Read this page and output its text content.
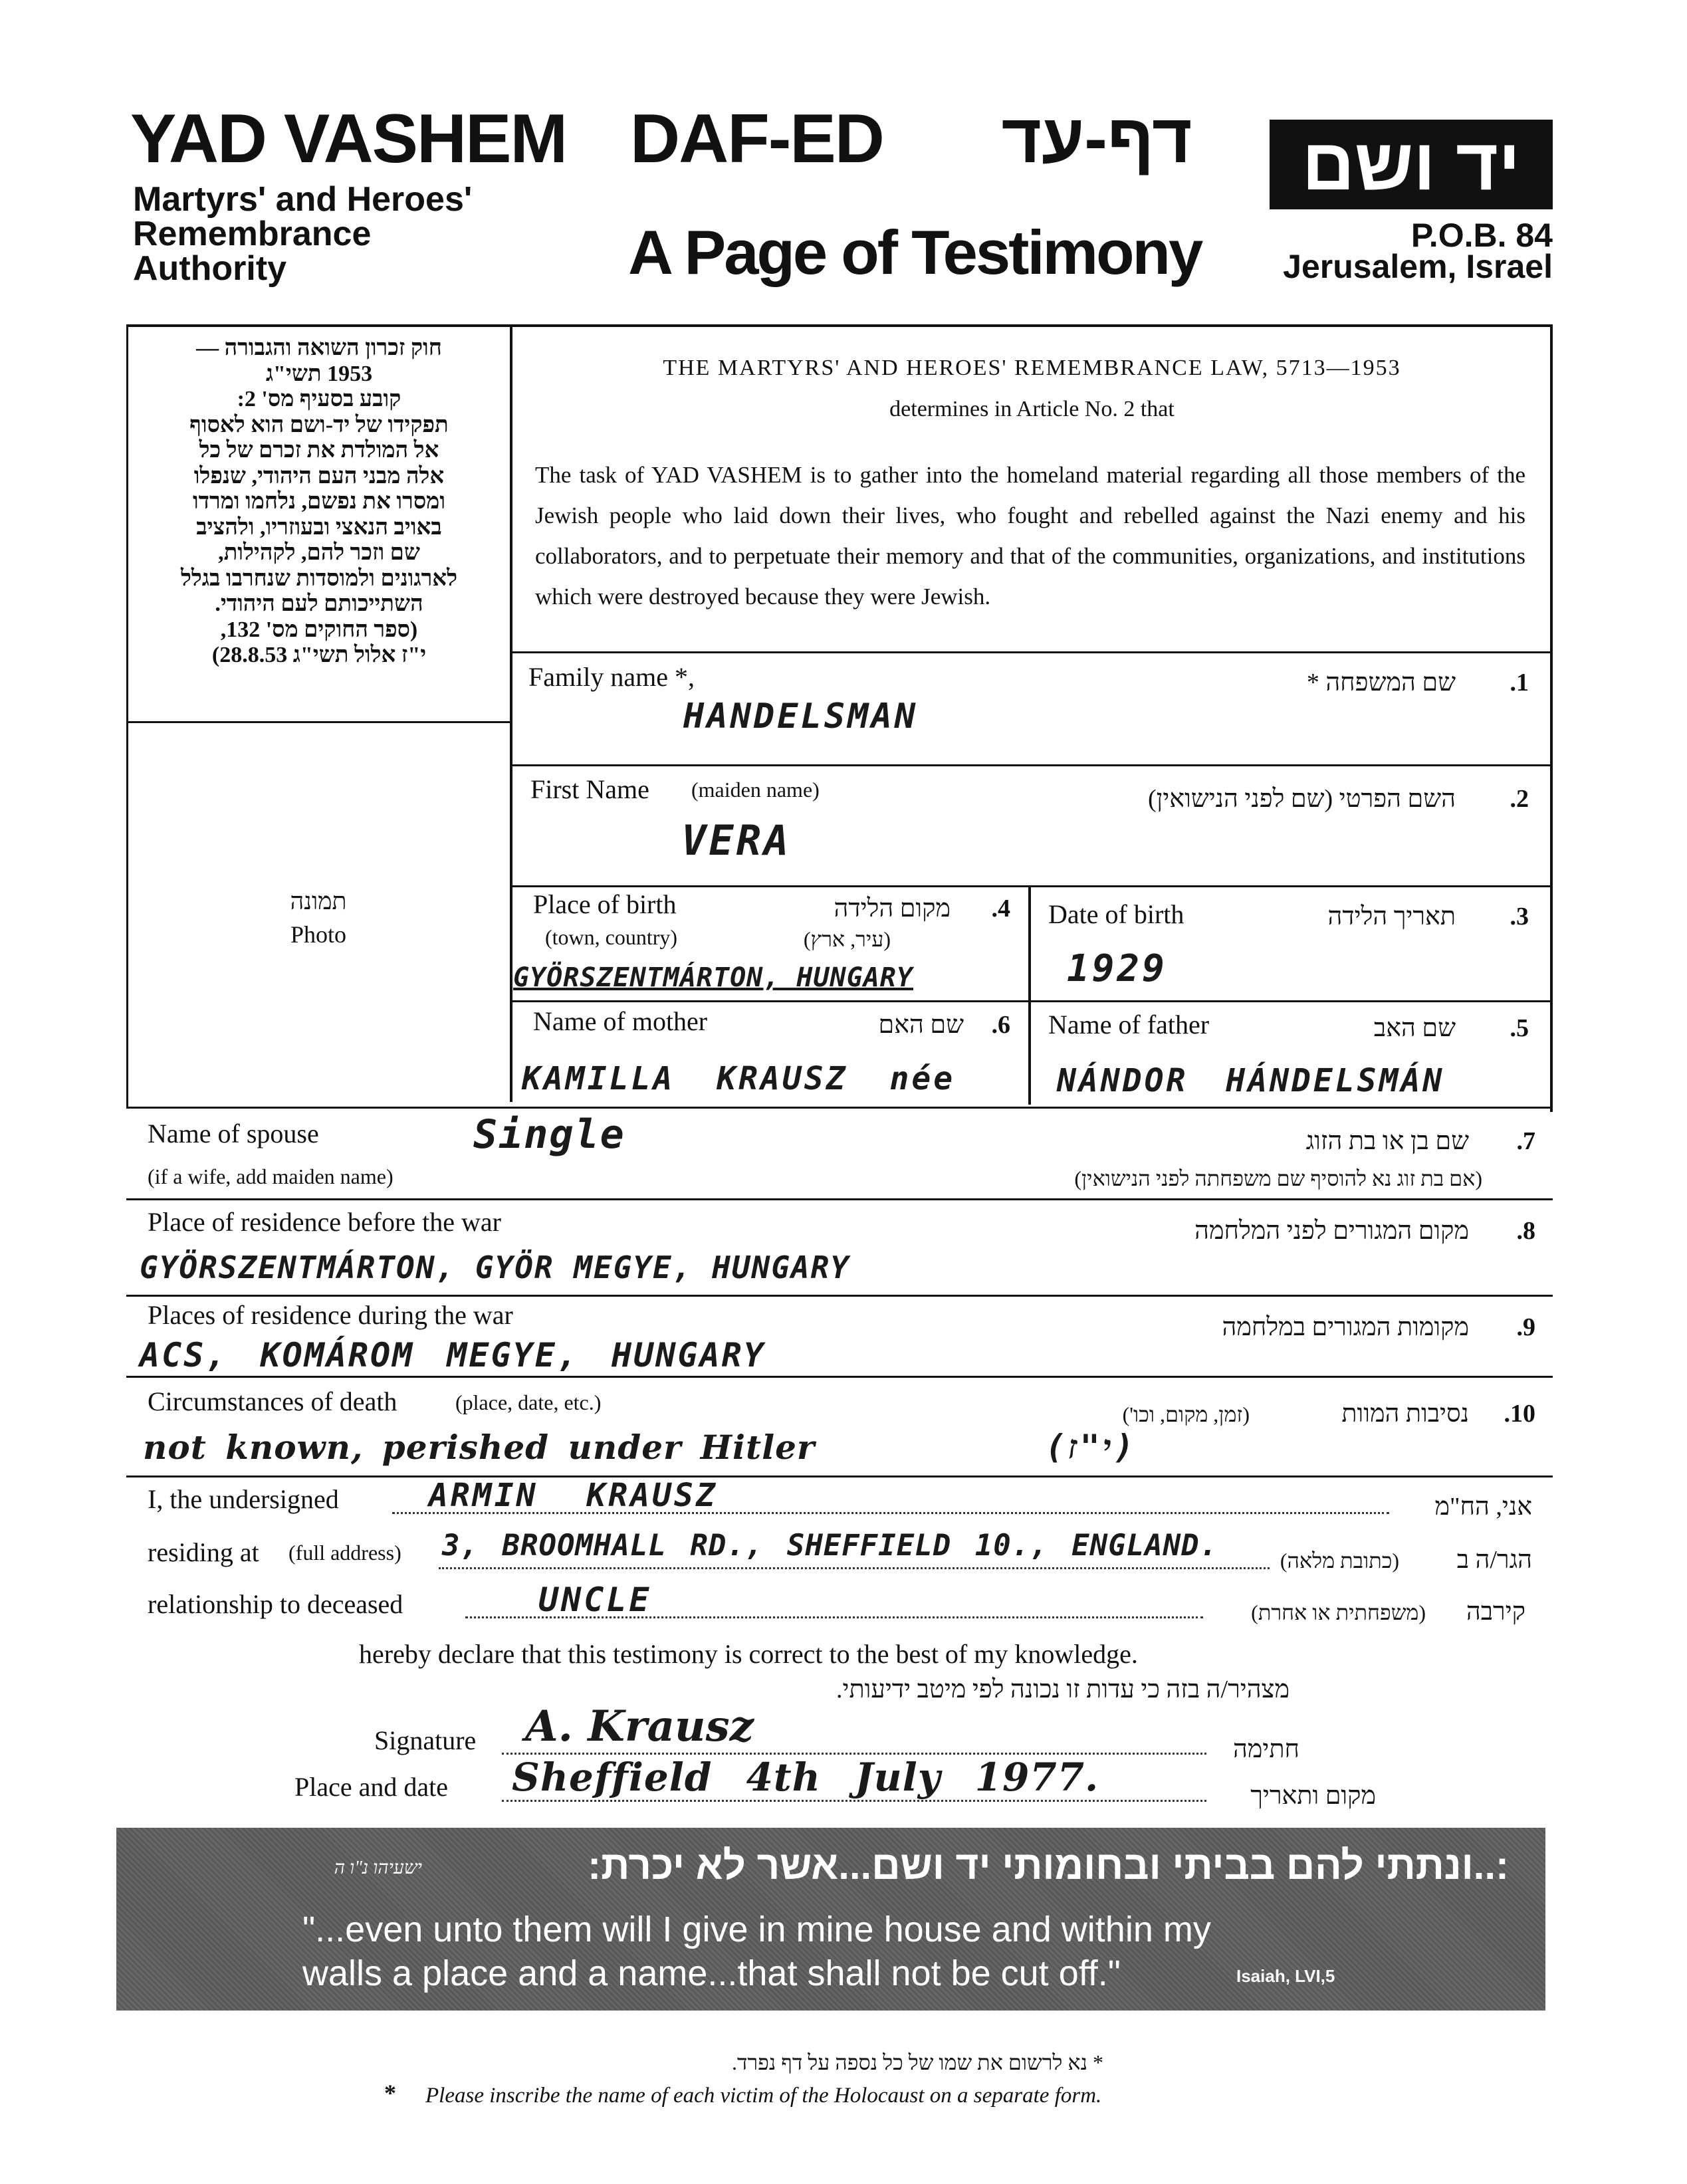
YAD VASHEM
Martyrs' and Heroes'
Remembrance
Authority
DAF-ED	דף-עד
A Page of Testimony
יד ושם
P.O.B. 84
Jerusalem, Israel
חוק זכרון השואה והגבורה —
1953 תשי"ג
קובע בסעיף מס' 2:
תפקידו של יד-ושם הוא לאסוף
אל המולדת את זכרם של כל
אלה מבני העם היהודי, שנפלו
ומסרו את נפשם, נלחמו ומרדו
באויב הנאצי ובעוזריו, ולהציב
שם וזכר להם, לקהילות,
לארגונים ולמוסדות שנחרבו בגלל
השתייכותם לעם היהודי.
(ספר החוקים מס' 132,
י"ז אלול תשי"ג 28.8.53)
תמונה
Photo
THE MARTYRS' AND HEROES' REMEMBRANCE LAW, 5713—1953
determines in Article No. 2 that
The task of YAD VASHEM is to gather into the homeland material regarding all those members of the Jewish people who laid down their lives, who fought and rebelled against the Nazi enemy and his collaborators, and to perpetuate their memory and that of the communities, organizations, and institutions which were destroyed because they were Jewish.
Family name *,	שם המשפחה *	.1
HANDELSMAN
First Name (maiden name)	השם הפרטי (שם לפני הנישואין)	.2
VERA
Place of birth
(town, country)
מקום הלידה	.4
(עיר, ארץ)
GYÖRSZENTMÁRTON, HUNGARY
Date of birth	תאריך הלידה	.3
1929
Name of mother	שם האם	.6
KAMILLA KRAUSZ née
Name of father	שם האב	.5
NÁNDOR HÁNDELSMÁN
Name of spouse
(if a wife, add maiden name)
Single	שם בן או בת הזוג	.7
(אם בת זוג נא להוסיף שם משפחתה לפני הנישואין)
Place of residence before the war	מקום המגורים לפני המלחמה	.8
GYÖRSZENTMÁRTON, GYÖR MEGYE, HUNGARY
Places of residence during the war	מקומות המגורים במלחמה	.9
ACS, KOMÁROM MEGYE, HUNGARY
Circumstances of death	(place, date, etc.)	נסיבות המוות
(זמן, מקום, וכו')	.10
not known, perished under Hitler	(י"ז)
I, the undersigned	ARMIN KRAUSZ	אני, הח"מ
residing at (full address) 3, BROOMHALL RD., SHEFFIELD 10., ENGLAND.	(כתובת מלאה)	הגר/ה ב
relationship to deceased	UNCLE	(משפחתית או אחרת)	קירבה
hereby declare that this testimony is correct to the best of my knowledge.
מצהיר/ה בזה כי עדות זו נכונה לפי מיטב ידיעותי.
Signature A. Krausz	חתימה
Place and date Sheffield 4th July 1977.	מקום ותאריך
:..ונתתי להם בביתי ובחומותי יד ושם...אשר לא יכרת:
ישעיהו נ"ו ה
"...even unto them will I give in mine house and within my
walls a place and a name...that shall not be cut off."	Isaiah, LVI,5
* נא לרשום את שמו של כל נספה על דף נפרד.
* Please inscribe the name of each victim of the Holocaust on a separate form.
